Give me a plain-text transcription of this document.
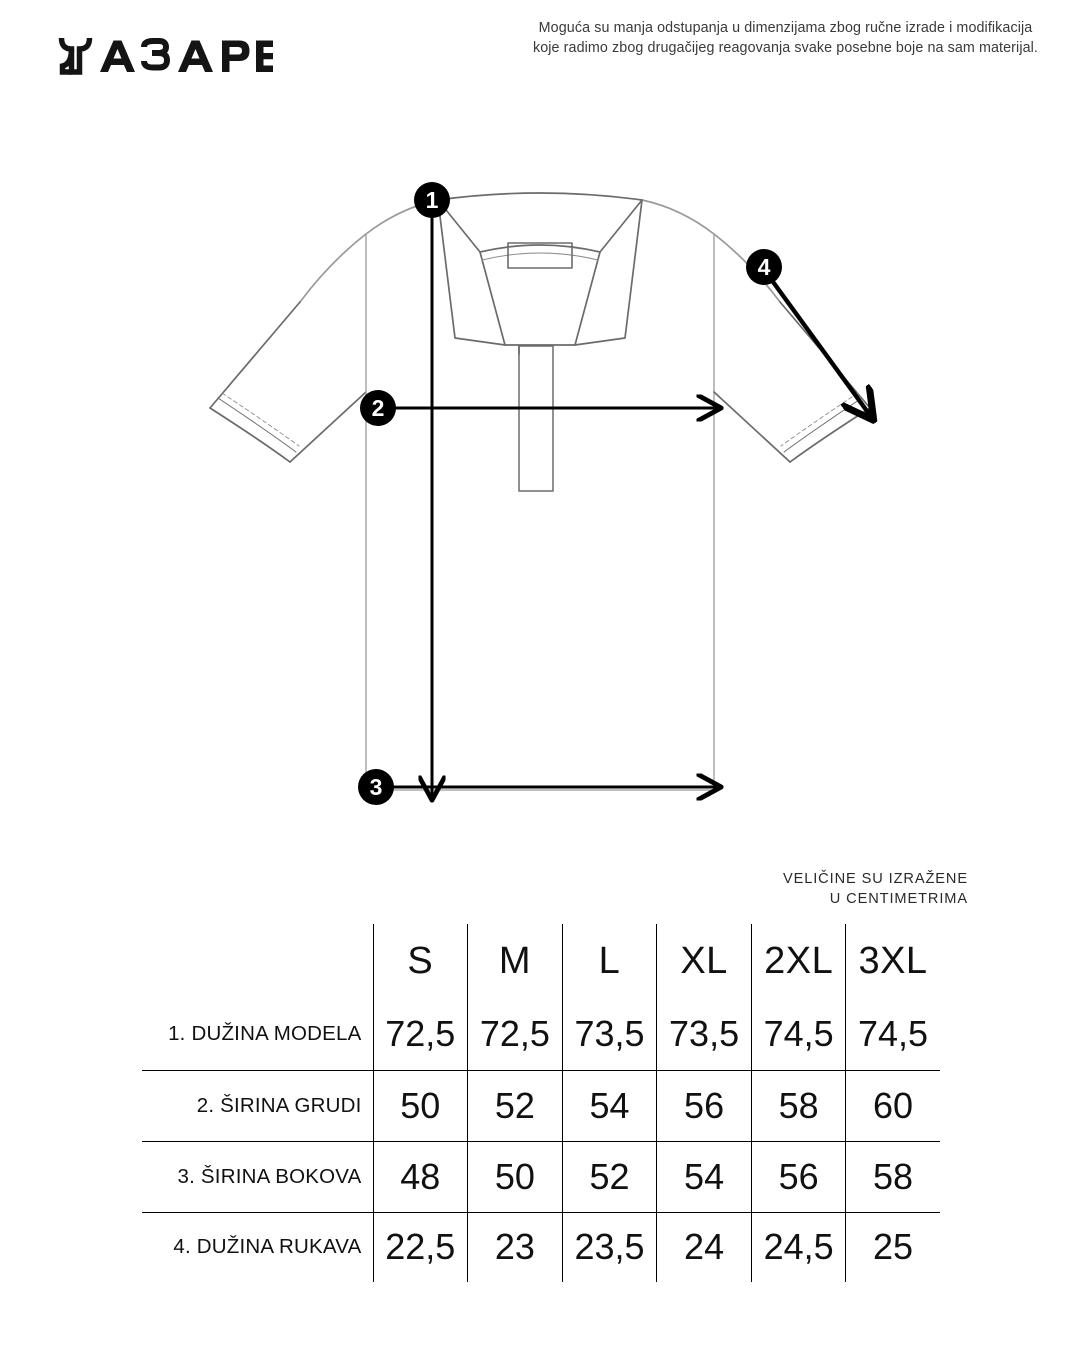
Moguća su manja odstupanja u dimenzijama zbog ručne izrade i modifikacija
koje radimo zbog drugačijeg reagovanja svake posebne boje na sam materijal.
1
2
3
4
VELIČINE SU IZRAŽENE
U CENTIMETRIMA
	S	M	L	XL	2XL	3XL
1. DUŽINA MODELA	72,5	72,5	73,5	73,5	74,5	74,5
2. ŠIRINA GRUDI	50	52	54	56	58	60
3. ŠIRINA BOKOVA	48	50	52	54	56	58
4. DUŽINA RUKAVA	22,5	23	23,5	24	24,5	25
